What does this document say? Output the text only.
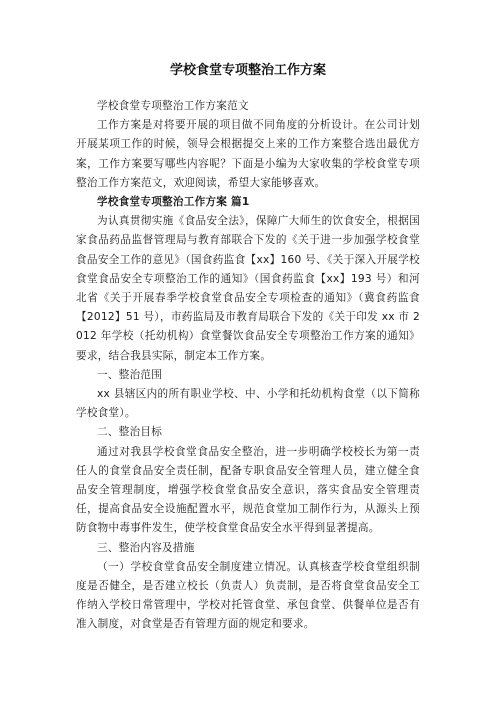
学校食堂专项整治工作方案

学校食堂专项整治工作方案范文

工作方案是对将要开展的项目做不同角度的分析设计。在公司计划开展某项工作的时候，领导会根据提交上来的工作方案整合选出最优方案，工作方案要写哪些内容呢？下面是小编为大家收集的学校食堂专项整治工作方案范文，欢迎阅读，希望大家能够喜欢。

学校食堂专项整治工作方案 篇1

为认真贯彻实施《食品安全法》，保障广大师生的饮食安全，根据国家食品药品监督管理局与教育部联合下发的《关于进一步加强学校食堂食品安全工作的意见》（国食药监食【xx】160 号、《关于深入开展学校食堂食品安全专项整治工作的通知》（国食药监食【xx】193 号）和河北省《关于开展春季学校食堂食品安全专项检查的通知》（冀食药监食【2012】51 号），市药监局及市教育局联合下发的《关于印发 xx 市 2012 年学校（托幼机构）食堂餐饮食品安全专项整治工作方案的通知》要求，结合我县实际，制定本工作方案。

一、整治范围

xx 县辖区内的所有职业学校、中、小学和托幼机构食堂（以下简称学校食堂）。

二、整治目标

通过对我县学校食堂食品安全整治，进一步明确学校校长为第一责任人的食堂食品安全责任制，配备专职食品安全管理人员，建立健全食品安全管理制度，增强学校食堂食品安全意识，落实食品安全管理责任，提高食品安全设施配置水平，规范食堂加工制作行为，从源头上预防食物中毒事件发生，使学校食堂食品安全水平得到显著提高。

三、整治内容及措施

（一）学校食堂食品安全制度建立情况。认真核查学校食堂组织制度是否健全，是否建立校长（负责人）负责制，是否将食堂食品安全工作纳入学校日常管理中，学校对托管食堂、承包食堂、供餐单位是否有准入制度，对食堂是否有管理方面的规定和要求。
